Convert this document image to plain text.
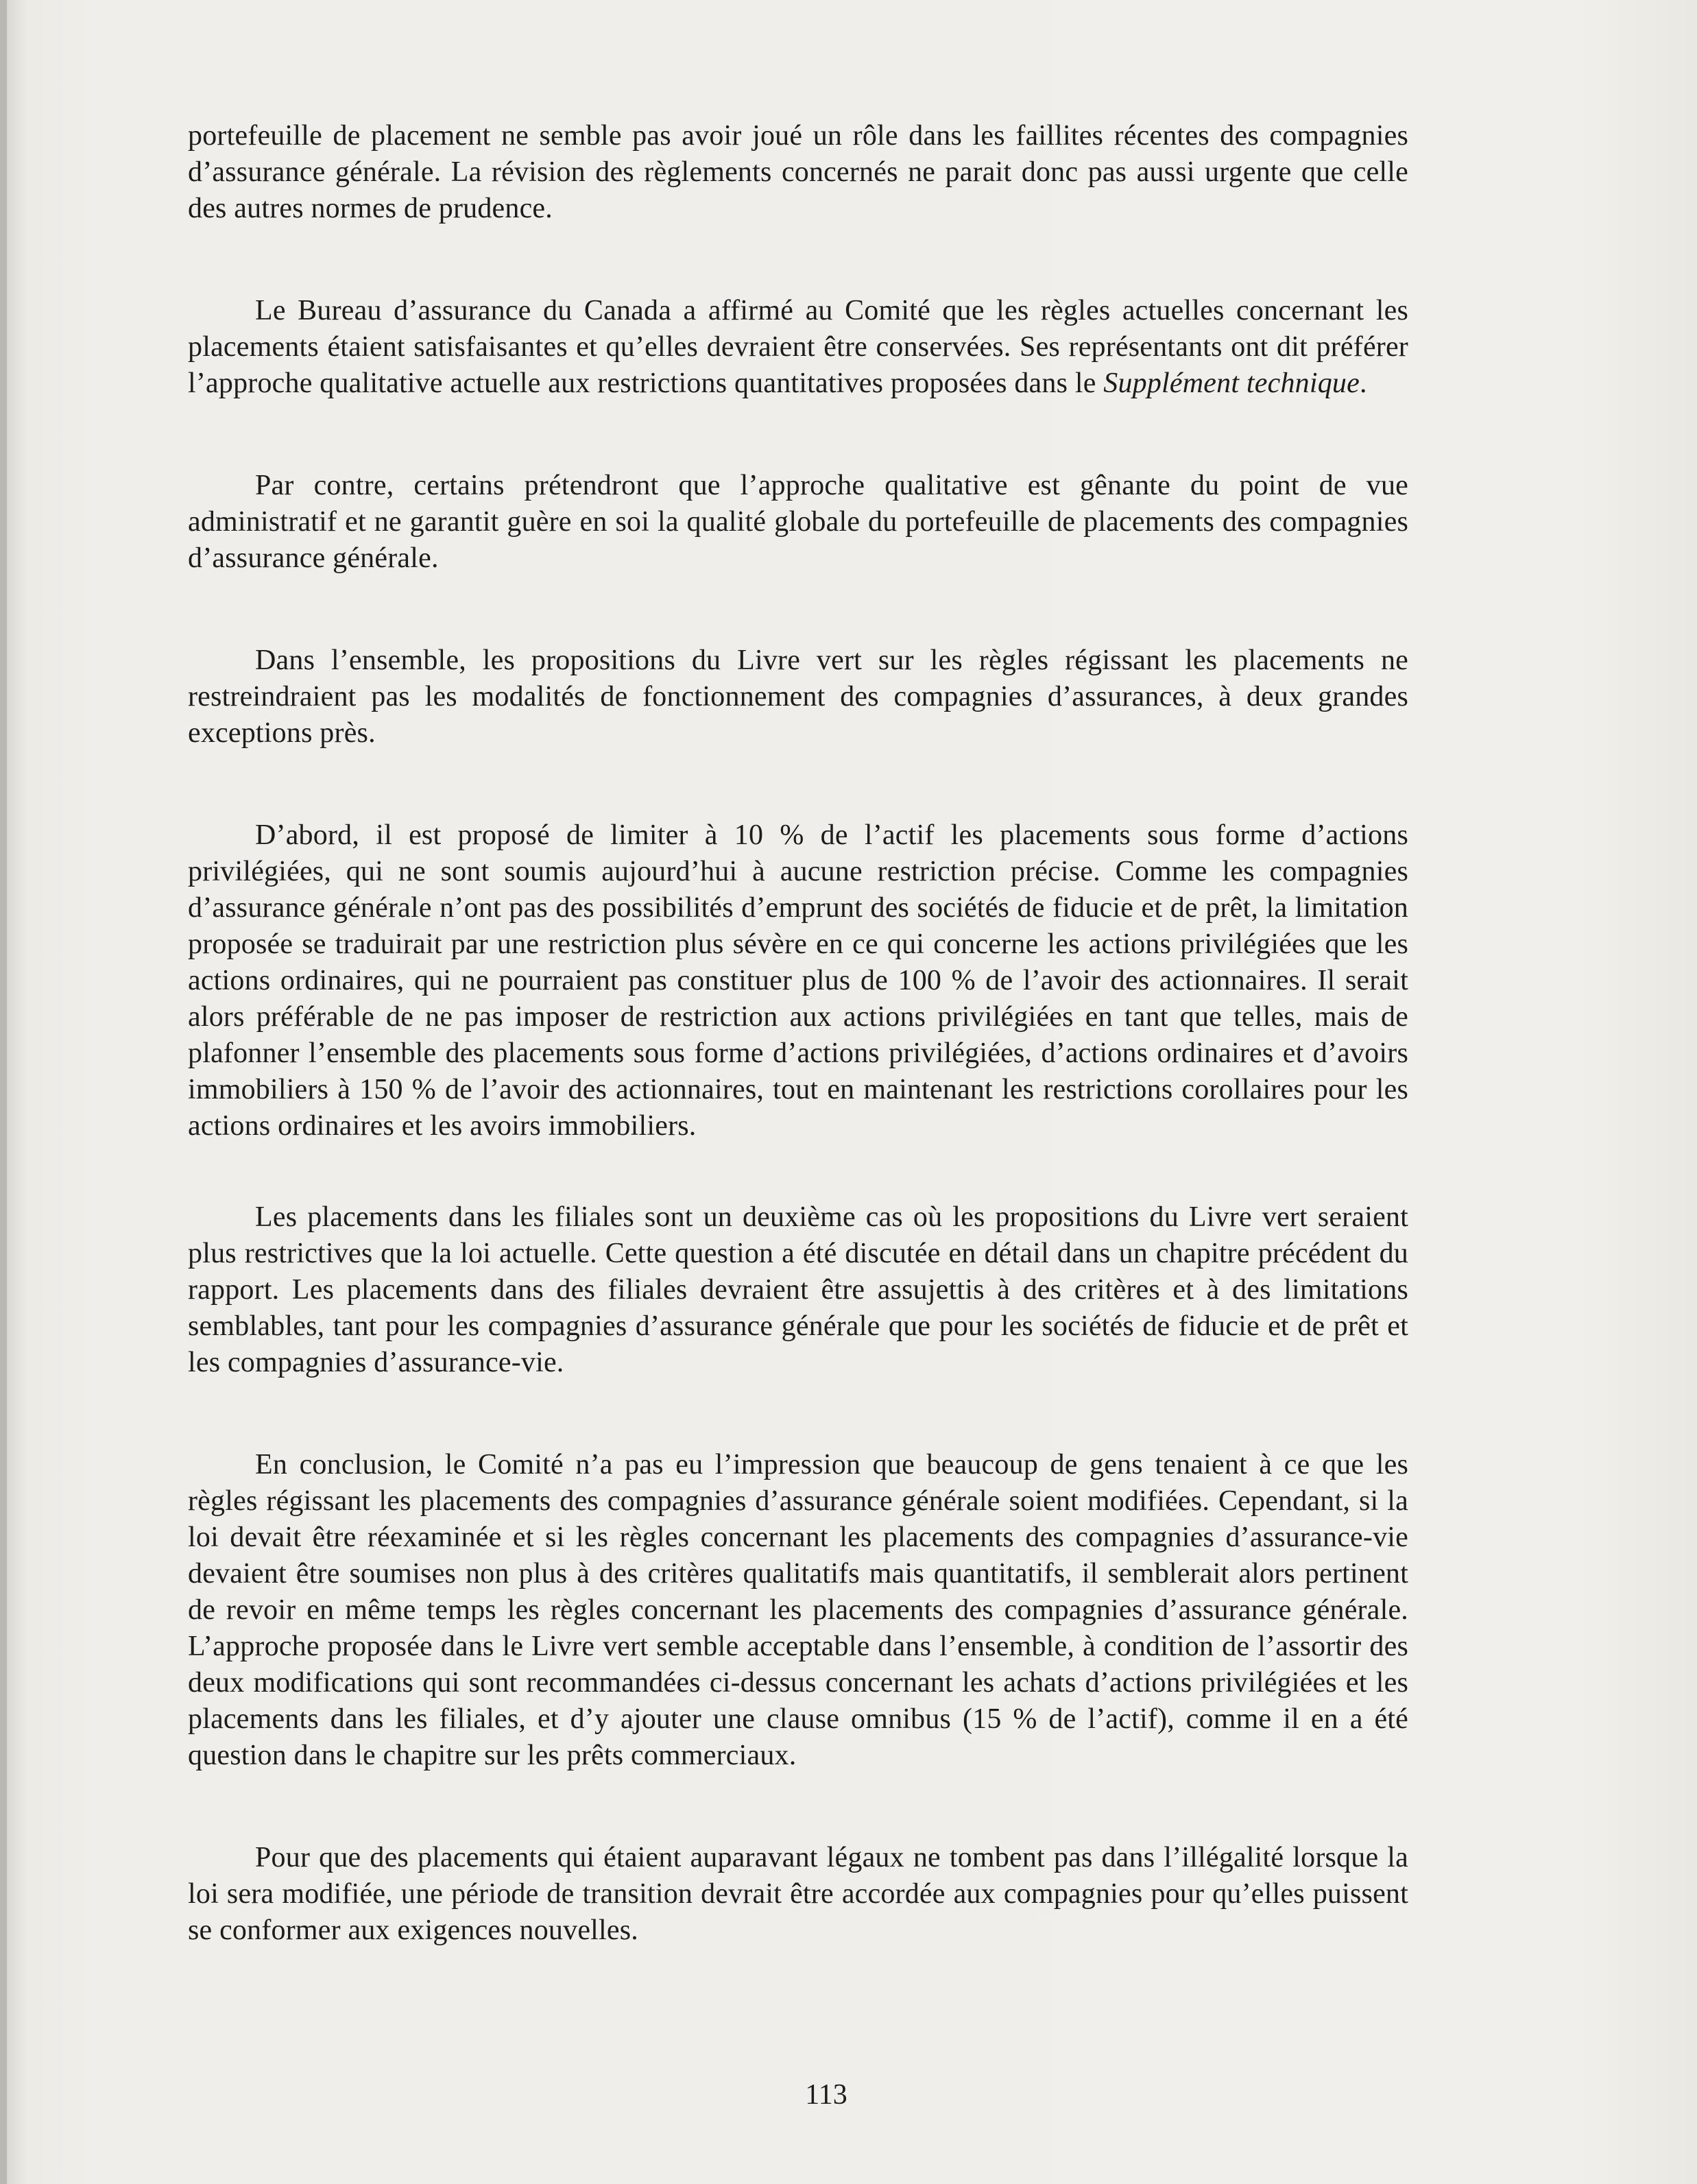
portefeuille de placement ne semble pas avoir joué un rôle dans les faillites récentes des compagnies d’assurance générale. La révision des règlements concernés ne parait donc pas aussi urgente que celle des autres normes de prudence.

Le Bureau d’assurance du Canada a affirmé au Comité que les règles actuelles concernant les placements étaient satisfaisantes et qu’elles devraient être conservées. Ses représentants ont dit préférer l’approche qualitative actuelle aux restrictions quantitatives proposées dans le Supplément technique.

Par contre, certains prétendront que l’approche qualitative est gênante du point de vue administratif et ne garantit guère en soi la qualité globale du portefeuille de placements des compagnies d’assurance générale.

Dans l’ensemble, les propositions du Livre vert sur les règles régissant les placements ne restreindraient pas les modalités de fonctionnement des compagnies d’assurances, à deux grandes exceptions près.

D’abord, il est proposé de limiter à 10 % de l’actif les placements sous forme d’actions privilégiées, qui ne sont soumis aujourd’hui à aucune restriction précise. Comme les compagnies d’assurance générale n’ont pas des possibilités d’emprunt des sociétés de fiducie et de prêt, la limitation proposée se traduirait par une restriction plus sévère en ce qui concerne les actions privilégiées que les actions ordinaires, qui ne pourraient pas constituer plus de 100 % de l’avoir des actionnaires. Il serait alors préférable de ne pas imposer de restriction aux actions privilégiées en tant que telles, mais de plafonner l’ensemble des placements sous forme d’actions privilégiées, d’actions ordinaires et d’avoirs immobiliers à 150 % de l’avoir des actionnaires, tout en maintenant les restrictions corollaires pour les actions ordinaires et les avoirs immobiliers.

Les placements dans les filiales sont un deuxième cas où les propositions du Livre vert seraient plus restrictives que la loi actuelle. Cette question a été discutée en détail dans un chapitre précédent du rapport. Les placements dans des filiales devraient être assujettis à des critères et à des limitations semblables, tant pour les compagnies d’assurance générale que pour les sociétés de fiducie et de prêt et les compagnies d’assurance-vie.

En conclusion, le Comité n’a pas eu l’impression que beaucoup de gens tenaient à ce que les règles régissant les placements des compagnies d’assurance générale soient modifiées. Cependant, si la loi devait être réexaminée et si les règles concernant les placements des compagnies d’assurance-vie devaient être soumises non plus à des critères qualitatifs mais quantitatifs, il semblerait alors pertinent de revoir en même temps les règles concernant les placements des compagnies d’assurance générale. L’approche proposée dans le Livre vert semble acceptable dans l’ensemble, à condition de l’assortir des deux modifications qui sont recommandées ci-dessus concernant les achats d’actions privilégiées et les placements dans les filiales, et d’y ajouter une clause omnibus (15 % de l’actif), comme il en a été question dans le chapitre sur les prêts commerciaux.

Pour que des placements qui étaient auparavant légaux ne tombent pas dans l’illégalité lorsque la loi sera modifiée, une période de transition devrait être accordée aux compagnies pour qu’elles puissent se conformer aux exigences nouvelles.

113
